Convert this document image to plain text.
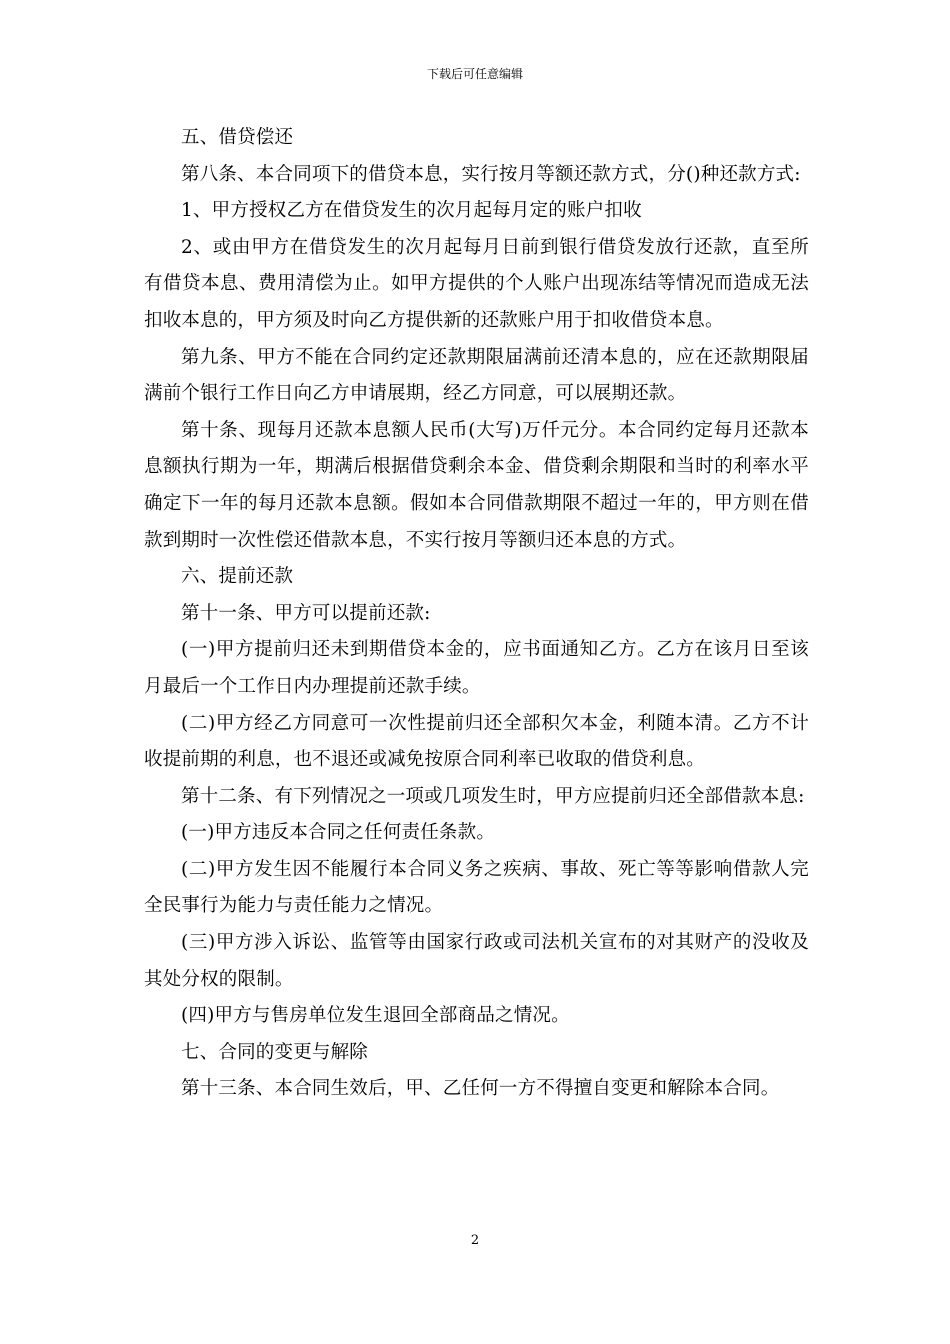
下载后可任意编辑

五、借贷偿还

第八条、本合同项下的借贷本息，实行按月等额还款方式，分()种还款方式:

1、甲方授权乙方在借贷发生的次月起每月定的账户扣收

2、或由甲方在借贷发生的次月起每月日前到银行借贷发放行还款，直至所有借贷本息、费用清偿为止。如甲方提供的个人账户出现冻结等情况而造成无法扣收本息的，甲方须及时向乙方提供新的还款账户用于扣收借贷本息。

第九条、甲方不能在合同约定还款期限届满前还清本息的，应在还款期限届满前个银行工作日向乙方申请展期，经乙方同意，可以展期还款。

第十条、现每月还款本息额人民币(大写)万仟元分。本合同约定每月还款本息额执行期为一年，期满后根据借贷剩余本金、借贷剩余期限和当时的利率水平确定下一年的每月还款本息额。假如本合同借款期限不超过一年的，甲方则在借款到期时一次性偿还借款本息，不实行按月等额归还本息的方式。

六、提前还款

第十一条、甲方可以提前还款:

(一)甲方提前归还未到期借贷本金的，应书面通知乙方。乙方在该月日至该月最后一个工作日内办理提前还款手续。

(二)甲方经乙方同意可一次性提前归还全部积欠本金，利随本清。乙方不计收提前期的利息，也不退还或减免按原合同利率已收取的借贷利息。

第十二条、有下列情况之一项或几项发生时，甲方应提前归还全部借款本息:

(一)甲方违反本合同之任何责任条款。

(二)甲方发生因不能履行本合同义务之疾病、事故、死亡等等影响借款人完全民事行为能力与责任能力之情况。

(三)甲方涉入诉讼、监管等由国家行政或司法机关宣布的对其财产的没收及其处分权的限制。

(四)甲方与售房单位发生退回全部商品之情况。

七、合同的变更与解除

第十三条、本合同生效后，甲、乙任何一方不得擅自变更和解除本合同。

2
